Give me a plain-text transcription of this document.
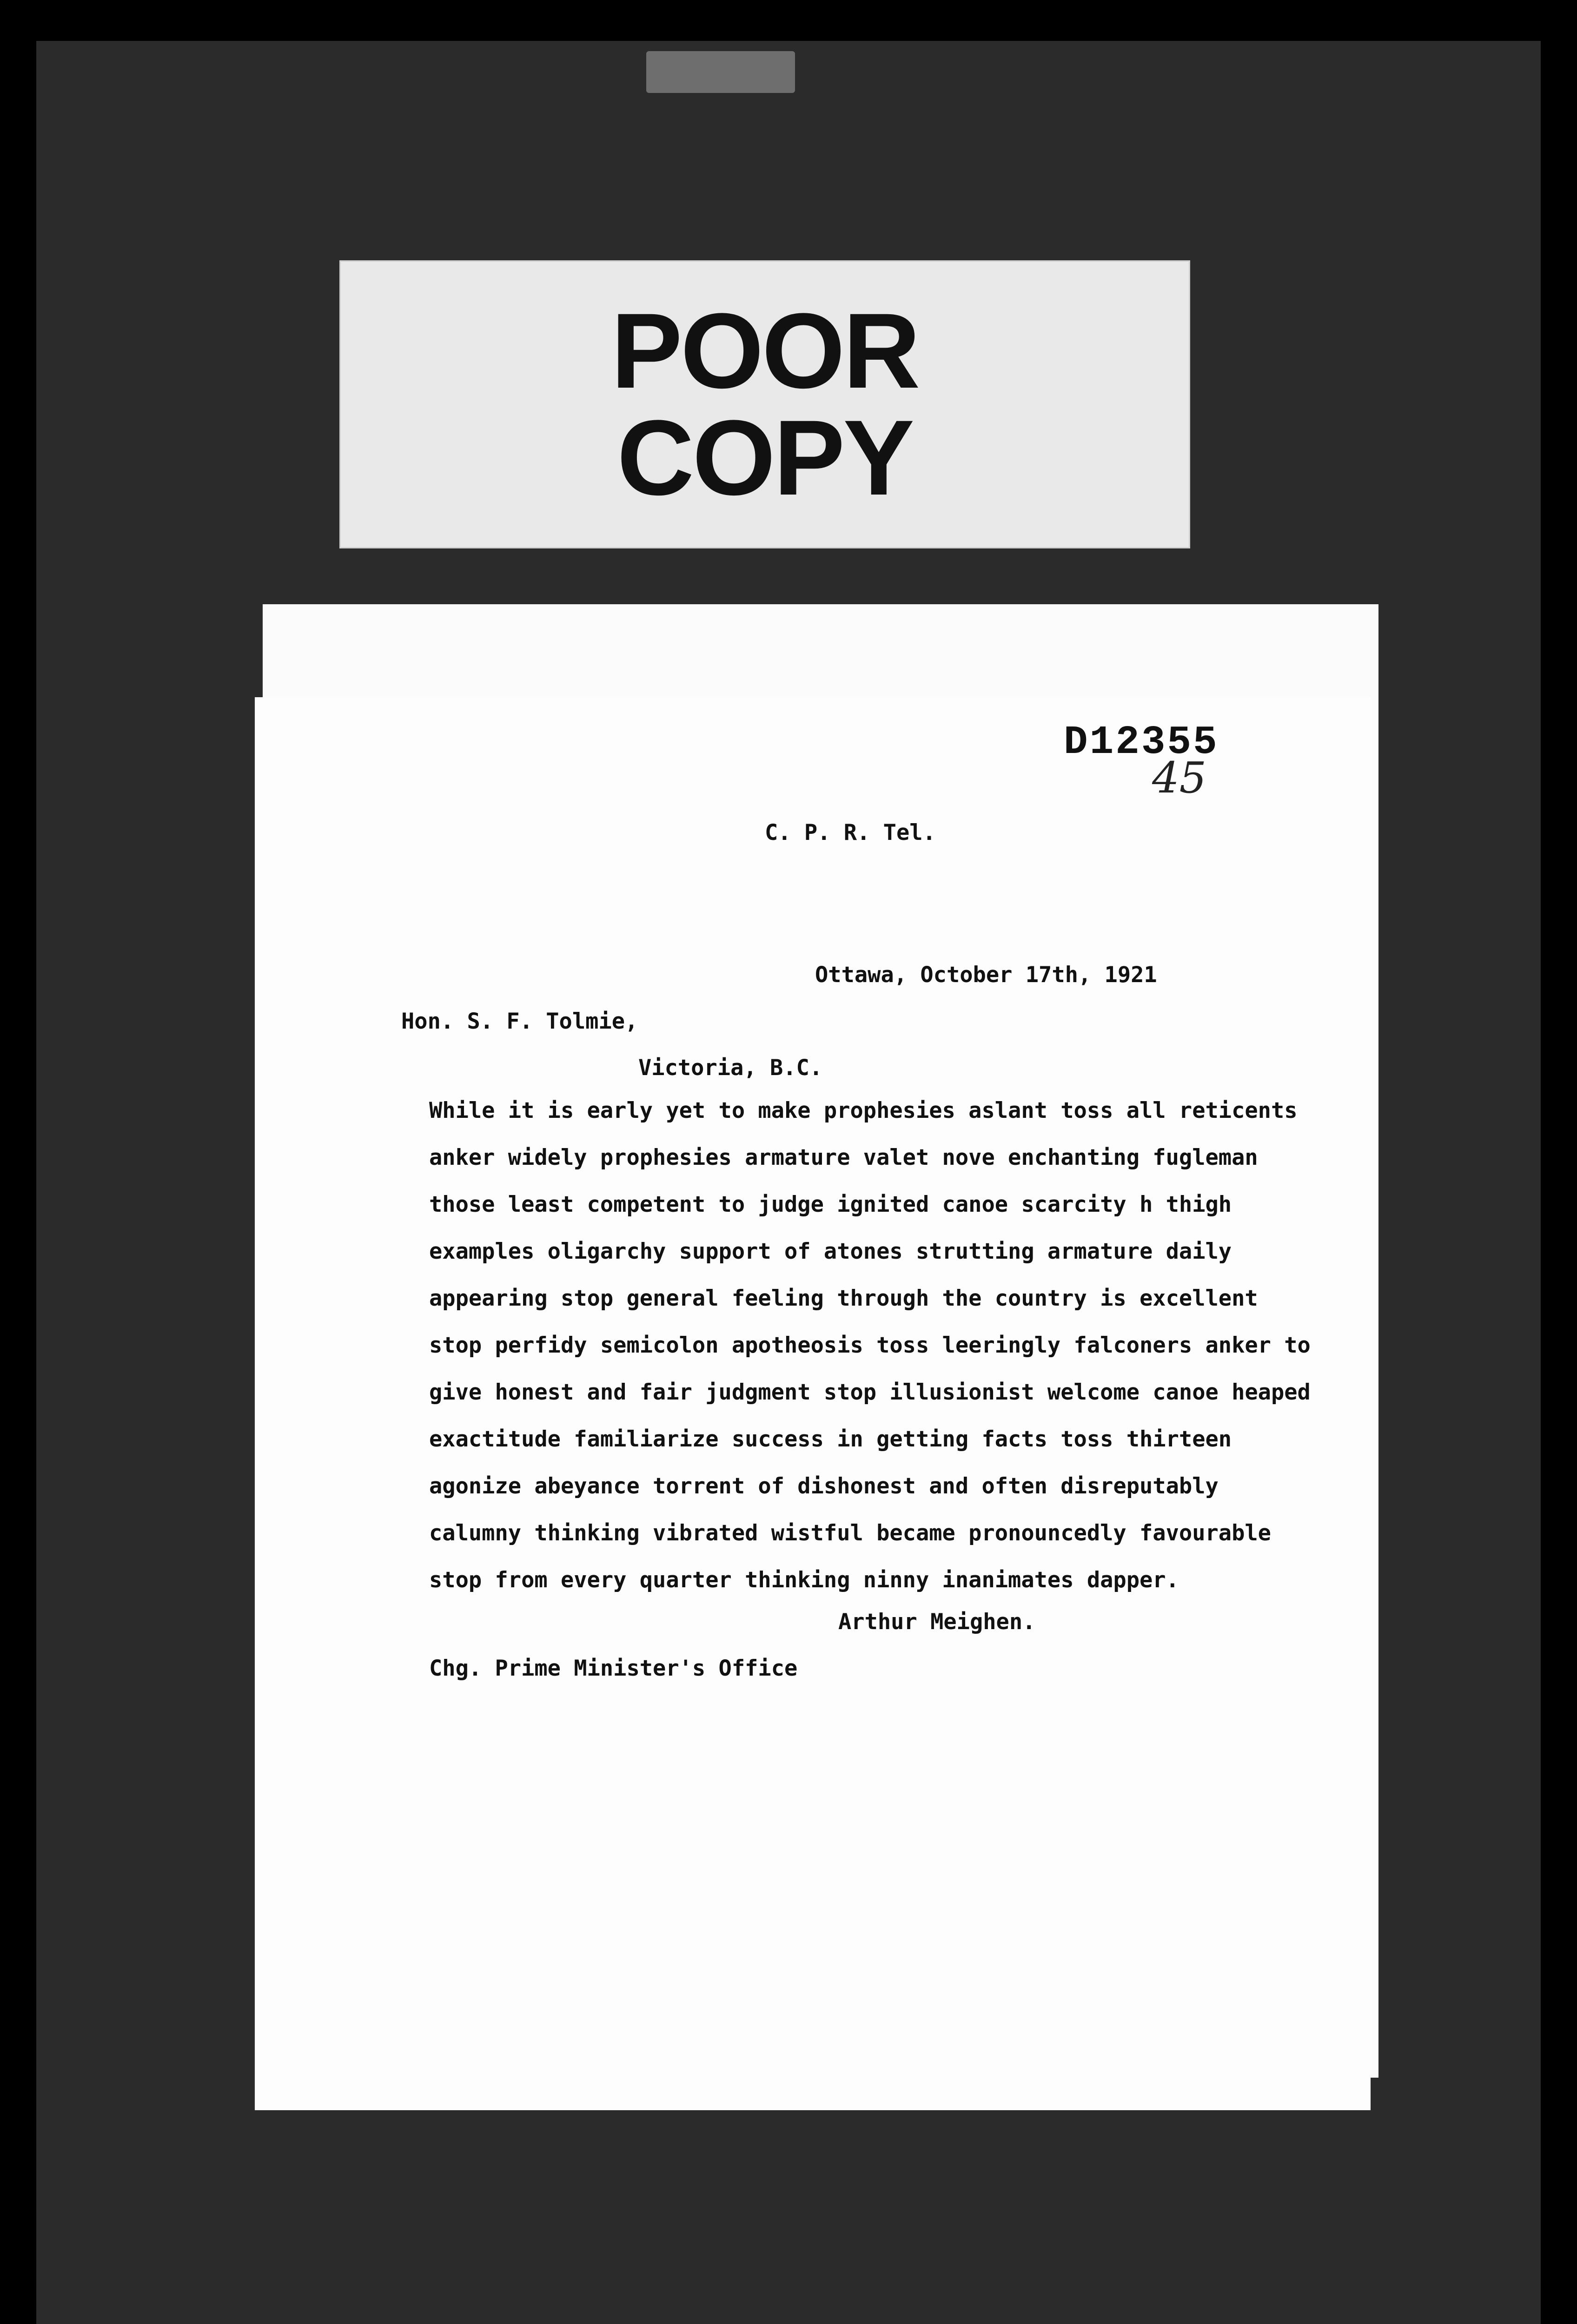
POOR
COPY
D12355
45
C. P. R. Tel.
Ottawa, October 17th, 1921
Hon. S. F. Tolmie,
Victoria, B.C.
While it is early yet to make prophesies aslant toss all reticents
anker widely prophesies armature valet nove enchanting fugleman
those least competent to judge ignited canoe scarcity h thigh
examples oligarchy support of atones strutting armature daily
appearing stop general feeling through the country is excellent
stop perfidy semicolon apotheosis toss leeringly falconers anker to
give honest and fair judgment stop illusionist welcome canoe heaped
exactitude familiarize success in getting facts toss thirteen
agonize abeyance torrent of dishonest and often disreputably
calumny thinking vibrated wistful became pronouncedly favourable
stop from every quarter thinking ninny inanimates dapper.
Arthur Meighen.
Chg. Prime Minister's Office
